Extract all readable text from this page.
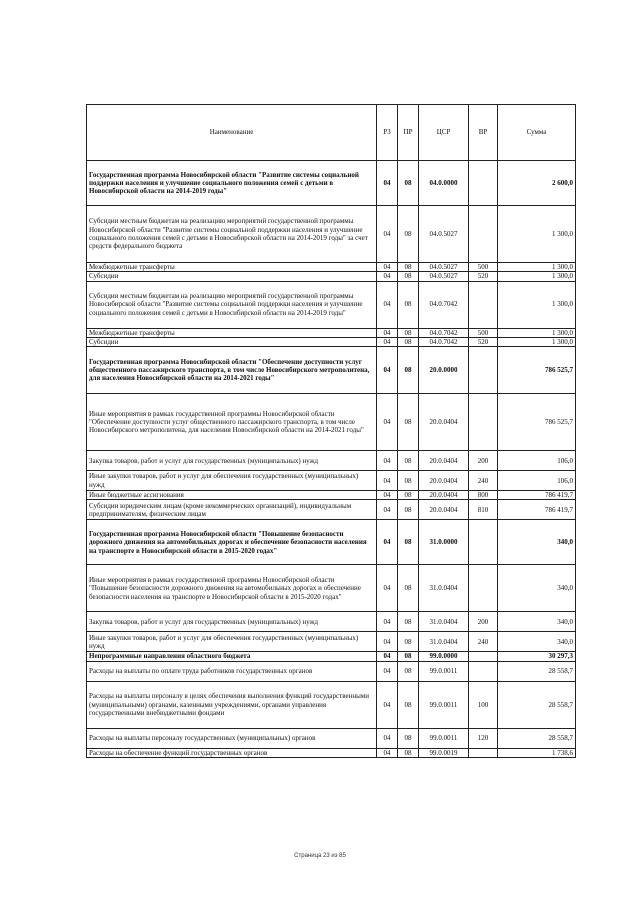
Наименование	РЗ	ПР	ЦСР	ВР	Сумма
Государственная программа Новосибирской области "Развитие системы социальной поддержки населения и улучшение социального положения семей с детьми в Новосибирской области на 2014-2019 годы"	04	08	04.0.0000		2 600,0
Субсидии местным бюджетам на реализацию мероприятий государственной программы Новосибирской области "Развитие системы социальной поддержки населения и улучшение социального положения семей с детьми в Новосибирской области на 2014-2019 годы" за счет средств федерального бюджета	04	08	04.0.5027		1 300,0
Межбюджетные трансферты	04	08	04.0.5027	500	1 300,0
Субсидии	04	08	04.0.5027	520	1 300,0
Субсидии местным бюджетам на реализацию мероприятий государственной программы Новосибирской области "Развитие системы социальной поддержки населения и улучшение социального положения семей с детьми в Новосибирской области на 2014-2019 годы"	04	08	04.0.7042		1 300,0
Межбюджетные трансферты	04	08	04.0.7042	500	1 300,0
Субсидии	04	08	04.0.7042	520	1 300,0
Государственная программа Новосибирской области "Обеспечение доступности услуг общественного пассажирского транспорта, в том числе Новосибирского метрополитена, для населения Новосибирской области на 2014-2021 годы"	04	08	20.0.0000		786 525,7
Иные мероприятия в рамках государственной программы Новосибирской области "Обеспечение доступности услуг общественного пассажирского транспорта, в том числе Новосибирского метрополитена, для населения Новосибирской области на 2014-2021 годы"	04	08	20.0.0404		786 525,7
Закупка товаров, работ и услуг для государственных (муниципальных) нужд	04	08	20.0.0404	200	106,0
Иные закупки товаров, работ и услуг для обеспечения государственных (муниципальных) нужд	04	08	20.0.0404	240	106,0
Иные бюджетные ассигнования	04	08	20.0.0404	800	786 419,7
Субсидии юридическим лицам (кроме некоммерческих организаций), индивидуальным предпринимателям, физическим лицам	04	08	20.0.0404	810	786 419,7
Государственная программа Новосибирской области "Повышение безопасности дорожного движения на автомобильных дорогах и обеспечение безопасности населения на транспорте в Новосибирской области в 2015-2020 годах"	04	08	31.0.0000		340,0
Иные мероприятия в рамках государственной программы Новосибирской области "Повышение безопасности дорожного движения на автомобильных дорогах и обеспечение безопасности населения на транспорте в Новосибирской области в 2015-2020 годах"	04	08	31.0.0404		340,0
Закупка товаров, работ и услуг для государственных (муниципальных) нужд	04	08	31.0.0404	200	340,0
Иные закупки товаров, работ и услуг для обеспечения государственных (муниципальных) нужд	04	08	31.0.0404	240	340,0
Непрограммные направления областного бюджета	04	08	99.0.0000		30 297,3
Расходы на выплаты по оплате труда работников государственных органов	04	08	99.0.0011		28 558,7
Расходы на выплаты персоналу в целях обеспечения выполнения функций государственными (муниципальными) органами, казенными учреждениями, органами управления государственными внебюджетными фондами	04	08	99.0.0011	100	28 558,7
Расходы на выплаты персоналу государственных (муниципальных) органов	04	08	99.0.0011	120	28 558,7
Расходы на обеспечение функций государственных органов	04	08	99.0.0019		1 738,6
Страница 23 из 85
